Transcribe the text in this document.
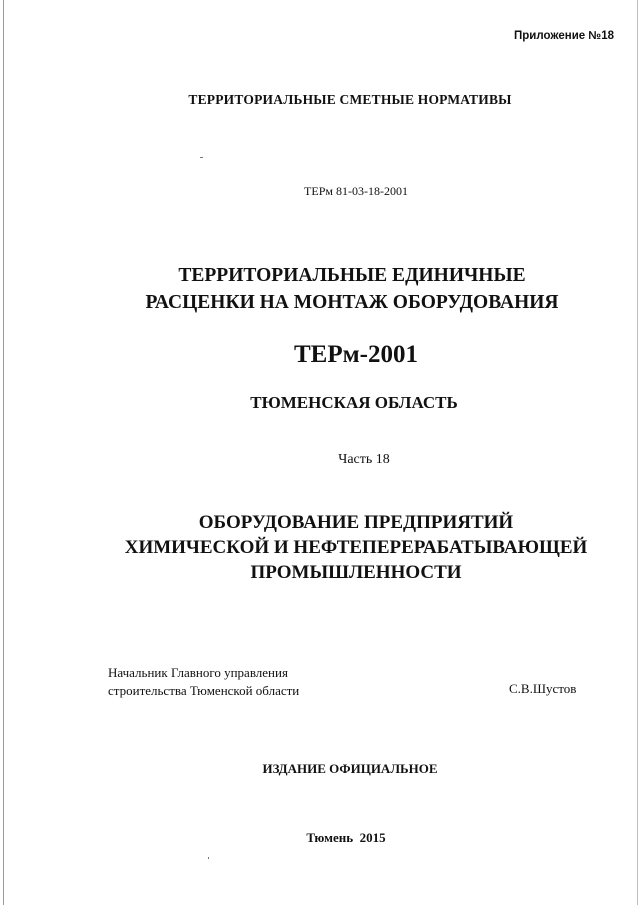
Приложение №18
ТЕРРИТОРИАЛЬНЫЕ СМЕТНЫЕ НОРМАТИВЫ
ТЕРм 81-03-18-2001
ТЕРРИТОРИАЛЬНЫЕ ЕДИНИЧНЫЕ
РАСЦЕНКИ НА МОНТАЖ ОБОРУДОВАНИЯ
ТЕРм-2001
ТЮМЕНСКАЯ ОБЛАСТЬ
Часть 18
ОБОРУДОВАНИЕ ПРЕДПРИЯТИЙ
ХИМИЧЕСКОЙ И НЕФТЕПЕРЕРАБАТЫВАЮЩЕЙ
ПРОМЫШЛЕННОСТИ
Начальник Главного управления
строительства Тюменской области	С.В.Шустов
ИЗДАНИЕ ОФИЦИАЛЬНОЕ
Тюмень  2015
